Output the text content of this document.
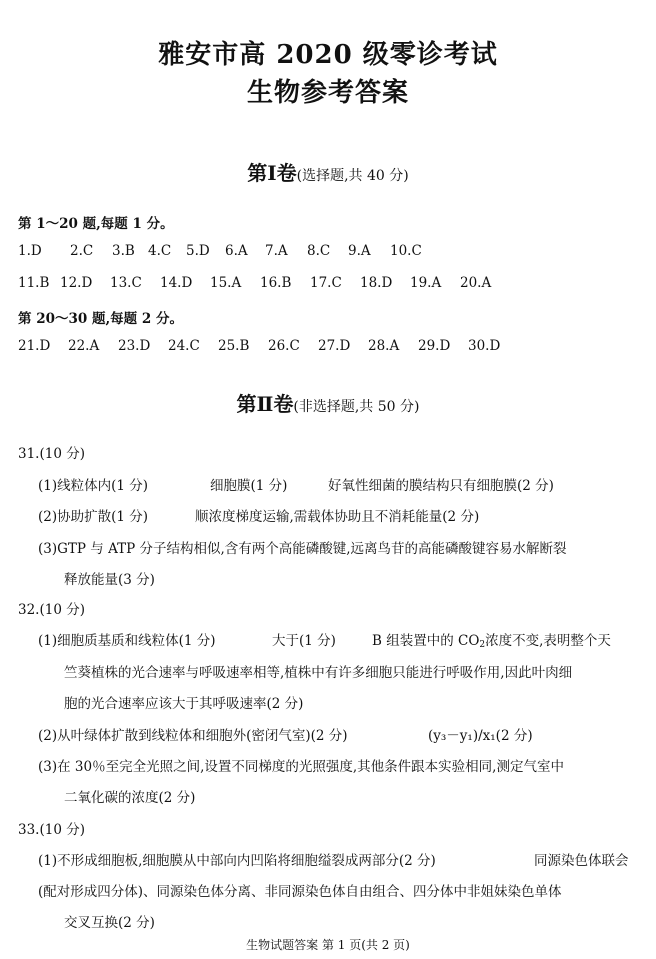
雅安市高 2020 级零诊考试
生物参考答案
第Ⅰ卷(选择题,共 40 分)
第 1～20 题,每题 1 分。
1.D 2.C 3.B 4.C 5.D 6.A 7.A 8.C 9.A 10.C
11.B 12.D 13.C 14.D 15.A 16.B 17.C 18.D 19.A 20.A
第 20～30 题,每题 2 分。
21.D 22.A 23.D 24.C 25.B 26.C 27.D 28.A 29.D 30.D
第Ⅱ卷(非选择题,共 50 分)
31.(10 分)
(1)线粒体内(1 分)	细胞膜(1 分)	好氧性细菌的膜结构只有细胞膜(2 分)
(2)协助扩散(1 分)	顺浓度梯度运输,需载体协助且不消耗能量(2 分)
(3)GTP 与 ATP 分子结构相似,含有两个高能磷酸键,远离鸟苷的高能磷酸键容易水解断裂
释放能量(3 分)
32.(10 分)
(1)细胞质基质和线粒体(1 分)	大于(1 分)	B 组装置中的 $CO_2$浓度不变,表明整个天
竺葵植株的光合速率与呼吸速率相等,植株中有许多细胞只能进行呼吸作用,因此叶肉细
胞的光合速率应该大于其呼吸速率(2 分)
(2)从叶绿体扩散到线粒体和细胞外(密闭气室)(2 分)	(y₃－y₁)/x₁(2 分)
(3)在 30％至完全光照之间,设置不同梯度的光照强度,其他条件跟本实验相同,测定气室中
二氧化碳的浓度(2 分)
33.(10 分)
(1)不形成细胞板,细胞膜从中部向内凹陷将细胞缢裂成两部分(2 分)	同源染色体联会
(配对形成四分体)、同源染色体分离、非同源染色体自由组合、四分体中非姐妹染色单体
交叉互换(2 分)
生物试题答案 第 1 页(共 2 页)
